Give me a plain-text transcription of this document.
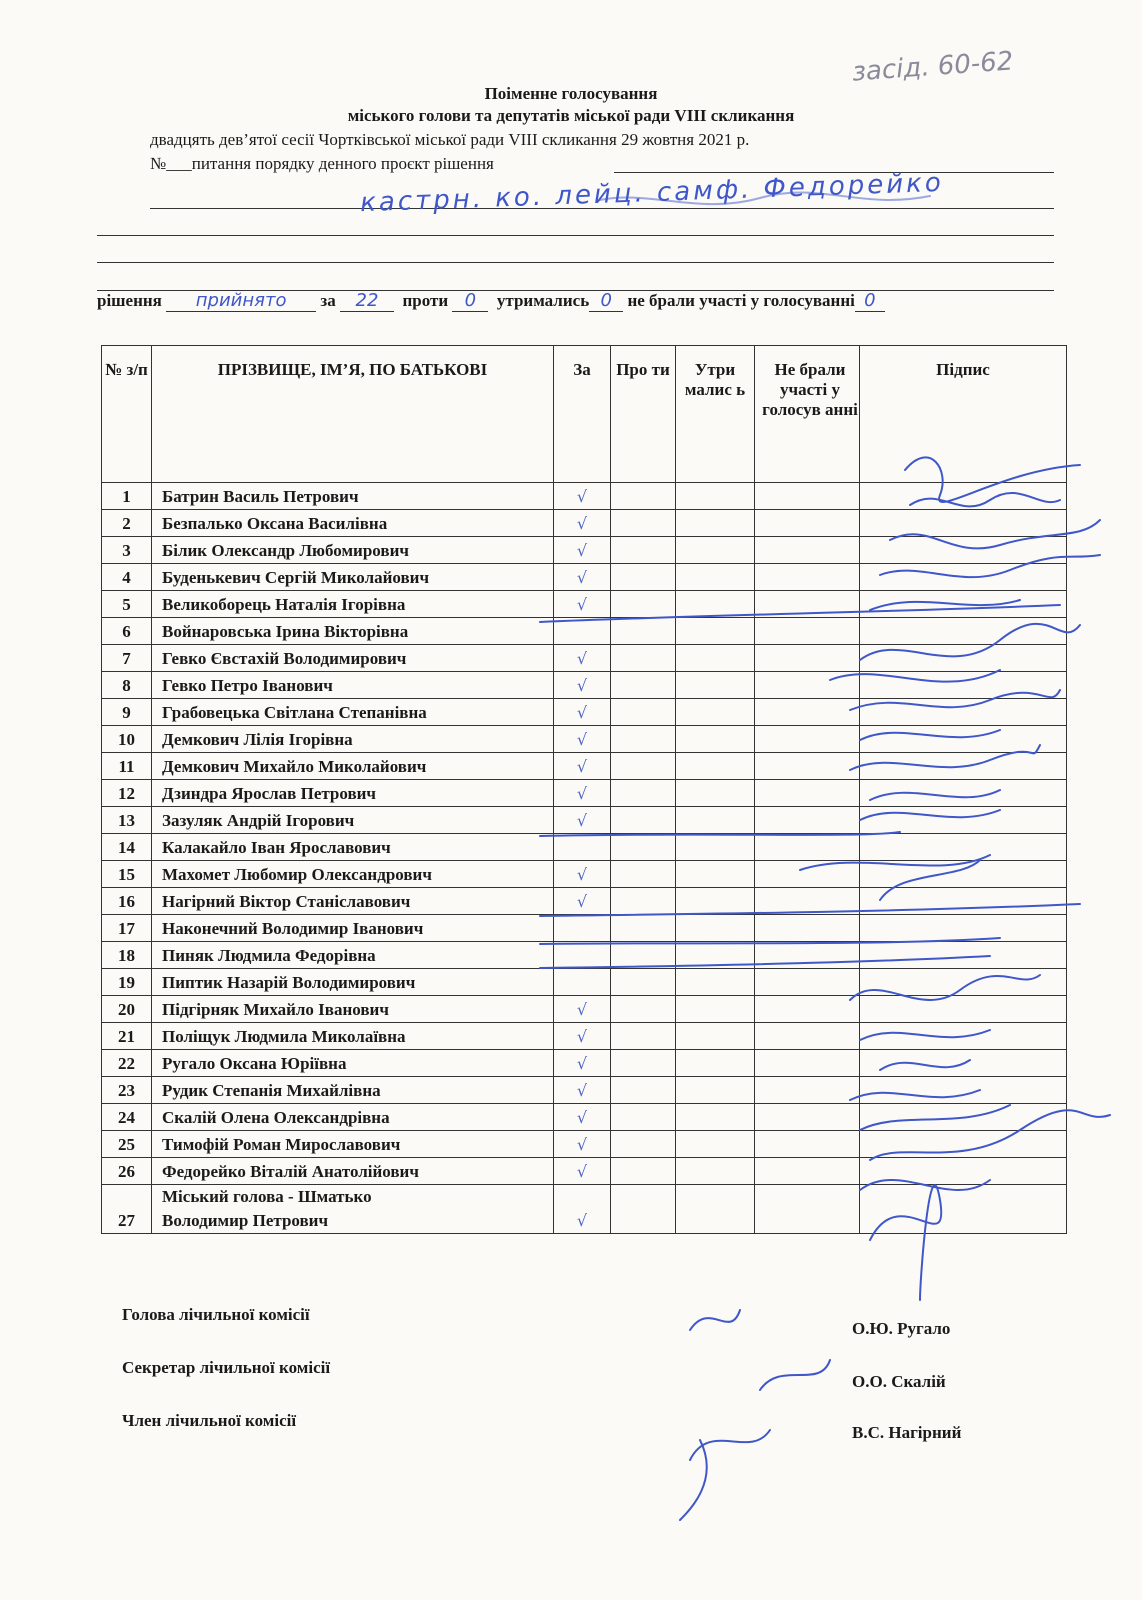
засід. 60-62
Поіменне голосування
міського голови та депутатів міської ради VIII скликання
двадцять дев’ятої сесії Чортківської міської ради VIII скликання 29 жовтня 2021 р.
№___питання порядку денного проєкт рішення
кастрн. ко. лейц. самф. Федорейко
рішення прийнято за 22 проти 0 утримались 0 не брали участі у голосуванні 0
№ з/п	ПРІЗВИЩЕ, ІМ’Я, ПО БАТЬКОВІ	За	Про ти	Утри малис ь	Не брали участі у голосув анні	Підпис
1	Батрин Василь Петрович	√				
2	Безпалько Оксана Василівна	√				
3	Білик Олександр Любомирович	√				
4	Буденькевич Сергій Миколайович	√				
5	Великоборець Наталія Ігорівна	√				
6	Войнаровська Ірина Вікторівна					
7	Гевко Євстахій Володимирович	√				
8	Гевко Петро Іванович	√				
9	Грабовецька Світлана Степанівна	√				
10	Демкович Лілія Ігорівна	√				
11	Демкович Михайло Миколайович	√				
12	Дзиндра Ярослав Петрович	√				
13	Зазуляк Андрій Ігорович	√				
14	Калакайло Іван Ярославович					
15	Махомет Любомир Олександрович	√				
16	Нагірний Віктор Станіславович	√				
17	Наконечний Володимир Іванович					
18	Пиняк Людмила Федорівна					
19	Пиптик Назарій Володимирович					
20	Підгірняк Михайло Іванович	√				
21	Поліщук Людмила Миколаївна	√				
22	Ругало Оксана Юріївна	√				
23	Рудик Степанія Михайлівна	√				
24	Скалій Олена Олександрівна	√				
25	Тимофій Роман Мирославович	√				
26	Федорейко Віталій Анатолійович	√				
27	Міський голова - Шматько
Володимир Петрович	√				
Голова лічильної комісії
О.Ю. Ругало
Секретар лічильної комісії
О.О. Скалій
Член лічильної комісії
В.С. Нагірний
